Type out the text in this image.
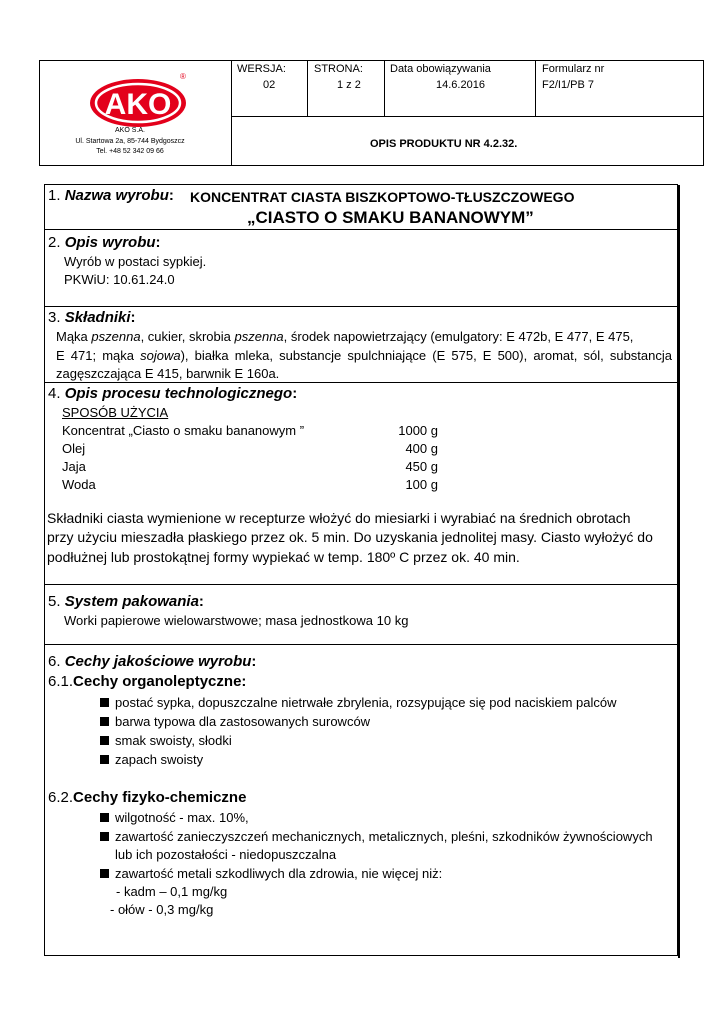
AKO
®
AKO S.A.
Ul. Startowa 2a, 85-744 Bydgoszcz
Tel. +48 52 342 09 66
WERSJA:
02
STRONA:
1 z 2
Data obowiązywania
14.6.2016
Formularz nr
F2/I1/PB 7
OPIS PRODUKTU NR 4.2.32.
1. Nazwa wyrobu: KONCENTRAT CIASTA BISZKOPTOWO-TŁUSZCZOWEGO
„CIASTO O SMAKU BANANOWYM”
2. Opis wyrobu:
Wyrób w postaci sypkiej.
PKWiU: 10.61.24.0
3. Składniki:
Mąka pszenna, cukier, skrobia pszenna, środek napowietrzający (emulgatory: E 472b, E 477, E 475,
E 471; mąka sojowa), białka mleka, substancje spulchniające (E 575, E 500), aromat, sól, substancja
zagęszczająca E 415, barwnik E 160a.
4. Opis procesu technologicznego:
SPOSÓB UŻYCIA
Koncentrat „Ciasto o smaku bananowym ”	1000 g
Olej	400 g
Jaja	450 g
Woda	100 g
Składniki ciasta wymienione w recepturze włożyć do miesiarki i wyrabiać na średnich obrotach
przy użyciu mieszadła płaskiego przez ok. 5 min. Do uzyskania jednolitej masy. Ciasto wyłożyć do
podłużnej lub prostokątnej formy wypiekać w temp. 180º C przez ok. 40 min.
5. System pakowania:
Worki papierowe wielowarstwowe; masa jednostkowa 10 kg
6. Cechy jakościowe wyrobu:
6.1.Cechy organoleptyczne:
postać sypka, dopuszczalne nietrwałe zbrylenia, rozsypujące się pod naciskiem palców
barwa typowa dla zastosowanych surowców
smak swoisty, słodki
zapach swoisty
6.2.Cechy fizyko-chemiczne
wilgotność - max. 10%,
zawartość zanieczyszczeń mechanicznych, metalicznych, pleśni, szkodników żywnościowych
lub ich pozostałości - niedopuszczalna
zawartość metali szkodliwych dla zdrowia, nie więcej niż:
- kadm – 0,1 mg/kg
- ołów - 0,3 mg/kg
